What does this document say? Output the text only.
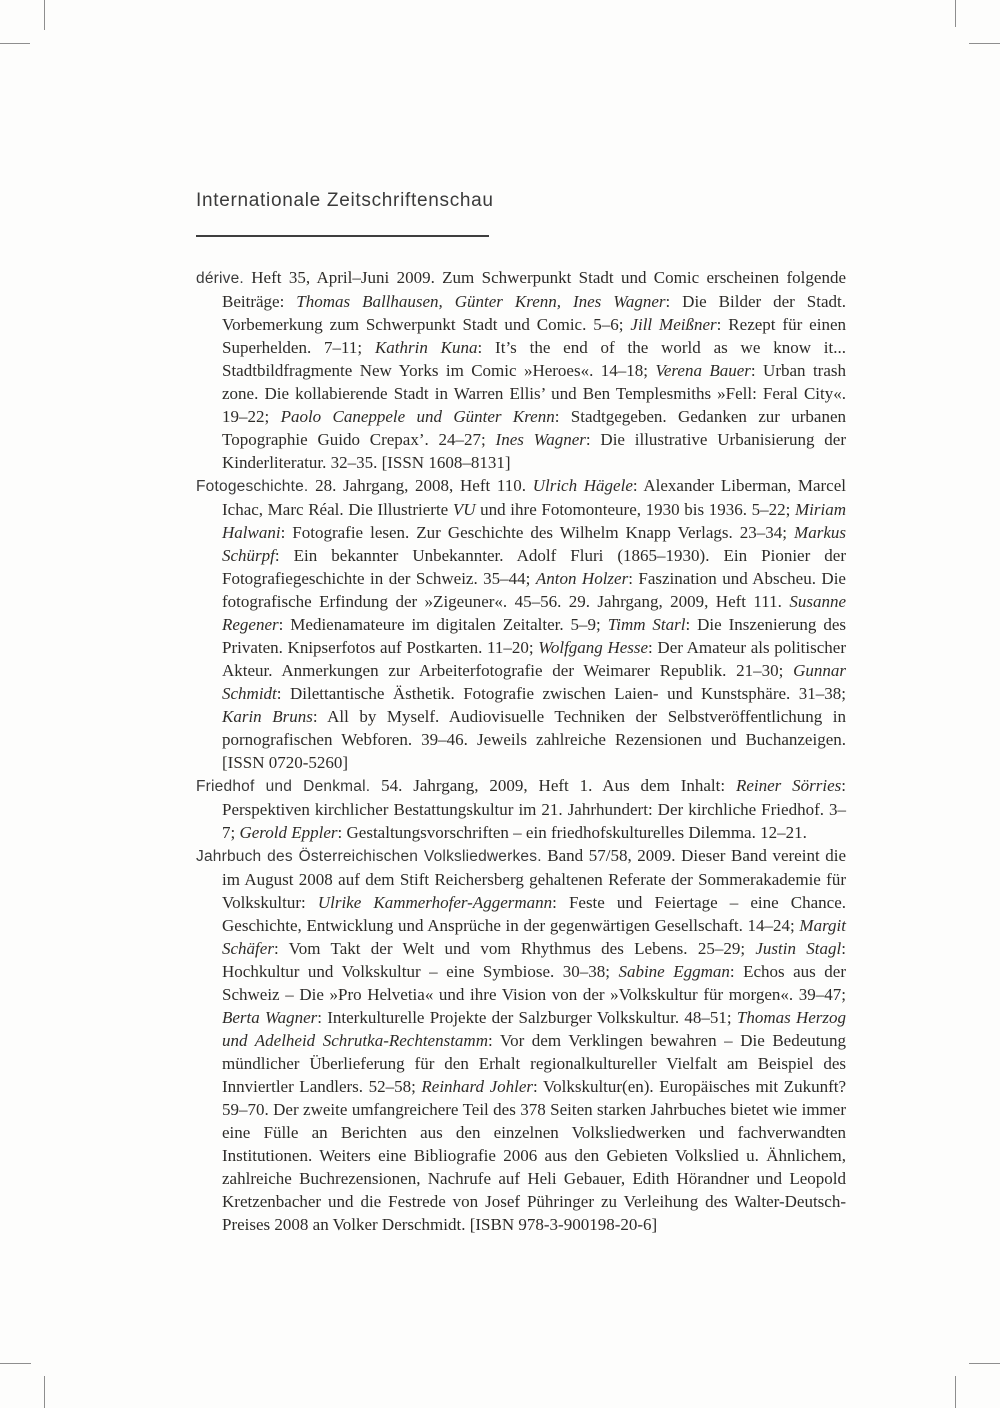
Internationale Zeitschriftenschau

dérive. Heft 35, April–Juni 2009. Zum Schwerpunkt Stadt und Comic erscheinen folgende Beiträge: Thomas Ballhausen, Günter Krenn, Ines Wagner: Die Bilder der Stadt. Vorbemerkung zum Schwerpunkt Stadt und Comic. 5–6; Jill Meißner: Rezept für einen Superhelden. 7–11; Kathrin Kuna: It’s the end of the world as we know it... Stadtbildfragmente New Yorks im Comic »Heroes«. 14–18; Verena Bauer: Urban trash zone. Die kollabierende Stadt in Warren Ellis’ und Ben Templesmiths »Fell: Feral City«. 19–22; Paolo Caneppele und Günter Krenn: Stadtgegeben. Gedanken zur urbanen Topographie Guido Crepax’. 24–27; Ines Wagner: Die illustrative Urbanisierung der Kinderliteratur. 32–35. [ISSN 1608–8131]

Fotogeschichte. 28. Jahrgang, 2008, Heft 110. Ulrich Hägele: Alexander Liberman, Marcel Ichac, Marc Réal. Die Illustrierte VU und ihre Fotomonteure, 1930 bis 1936. 5–22; Miriam Halwani: Fotografie lesen. Zur Geschichte des Wilhelm Knapp Verlags. 23–34; Markus Schürpf: Ein bekannter Unbekannter. Adolf Fluri (1865–1930). Ein Pionier der Fotografiegeschichte in der Schweiz. 35–44; Anton Holzer: Faszination und Abscheu. Die fotografische Erfindung der »Zigeuner«. 45–56. 29. Jahrgang, 2009, Heft 111. Susanne Regener: Medienamateure im digitalen Zeitalter. 5–9; Timm Starl: Die Inszenierung des Privaten. Knipserfotos auf Postkarten. 11–20; Wolfgang Hesse: Der Amateur als politischer Akteur. Anmerkungen zur Arbeiterfotografie der Weimarer Republik. 21–30; Gunnar Schmidt: Dilettantische Ästhetik. Fotografie zwischen Laien- und Kunstsphäre. 31–38; Karin Bruns: All by Myself. Audiovisuelle Techniken der Selbstveröffentlichung in pornografischen Webforen. 39–46. Jeweils zahlreiche Rezensionen und Buchanzeigen. [ISSN 0720-5260]

Friedhof und Denkmal. 54. Jahrgang, 2009, Heft 1. Aus dem Inhalt: Reiner Sörries: Perspektiven kirchlicher Bestattungskultur im 21. Jahrhundert: Der kirchliche Friedhof. 3–7; Gerold Eppler: Gestaltungsvorschriften – ein friedhofskulturelles Dilemma. 12–21.

Jahrbuch des Österreichischen Volksliedwerkes. Band 57/58, 2009. Dieser Band vereint die im August 2008 auf dem Stift Reichersberg gehaltenen Referate der Sommerakademie für Volkskultur: Ulrike Kammerhofer-Aggermann: Feste und Feiertage – eine Chance. Geschichte, Entwicklung und Ansprüche in der gegenwärtigen Gesellschaft. 14–24; Margit Schäfer: Vom Takt der Welt und vom Rhythmus des Lebens. 25–29; Justin Stagl: Hochkultur und Volkskultur – eine Symbiose. 30–38; Sabine Eggman: Echos aus der Schweiz – Die »Pro Helvetia« und ihre Vision von der »Volkskultur für morgen«. 39–47; Berta Wagner: Interkulturelle Projekte der Salzburger Volkskultur. 48–51; Thomas Herzog und Adelheid Schrutka-Rechtenstamm: Vor dem Verklingen bewahren – Die Bedeutung mündlicher Überlieferung für den Erhalt regionalkultureller Vielfalt am Beispiel des Innviertler Landlers. 52–58; Reinhard Johler: Volkskultur(en). Europäisches mit Zukunft? 59–70. Der zweite umfangreichere Teil des 378 Seiten starken Jahrbuches bietet wie immer eine Fülle an Berichten aus den einzelnen Volksliedwerken und fachverwandten Institutionen. Weiters eine Bibliografie 2006 aus den Gebieten Volkslied u. Ähnlichem, zahlreiche Buchrezensionen, Nachrufe auf Heli Gebauer, Edith Hörandner und Leopold Kretzenbacher und die Festrede von Josef Pühringer zu Verleihung des Walter-Deutsch-Preises 2008 an Volker Derschmidt. [ISBN 978-3-900198-20-6]
